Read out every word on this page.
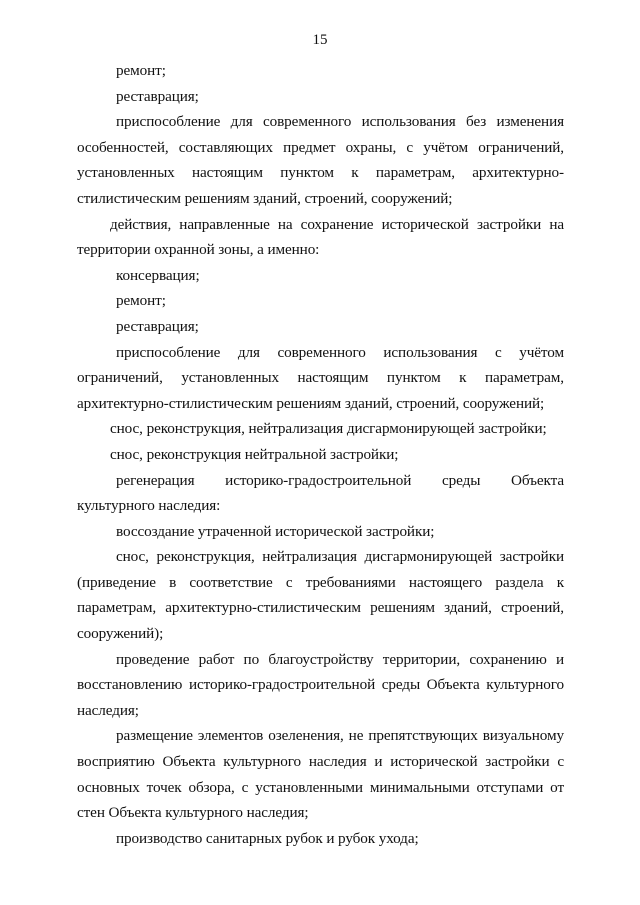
15

ремонт;

реставрация;

приспособление для современного использования без изменения особенностей, составляющих предмет охраны, с учётом ограничений, установленных настоящим пунктом к параметрам, архитектурно-стилистическим решениям зданий, строений, сооружений;

действия, направленные на сохранение исторической застройки на территории охранной зоны, а именно:

консервация;

ремонт;

реставрация;

приспособление для современного использования с учётом ограничений, установленных настоящим пунктом к параметрам, архитектурно-стилистическим решениям зданий, строений, сооружений;

снос, реконструкция, нейтрализация дисгармонирующей застройки;

снос, реконструкция нейтральной застройки;

регенерация историко-градостроительной среды Объекта культурного наследия:

воссоздание утраченной исторической застройки;

снос, реконструкция, нейтрализация дисгармонирующей застройки (приведение в соответствие с требованиями настоящего раздела к параметрам, архитектурно-стилистическим решениям зданий, строений, сооружений);

проведение работ по благоустройству территории, сохранению и восстановлению историко-градостроительной среды Объекта культурного наследия;

размещение элементов озеленения, не препятствующих визуальному восприятию Объекта культурного наследия и исторической застройки с основных точек обзора, с установленными минимальными отступами от стен Объекта культурного наследия;

производство санитарных рубок и рубок ухода;
